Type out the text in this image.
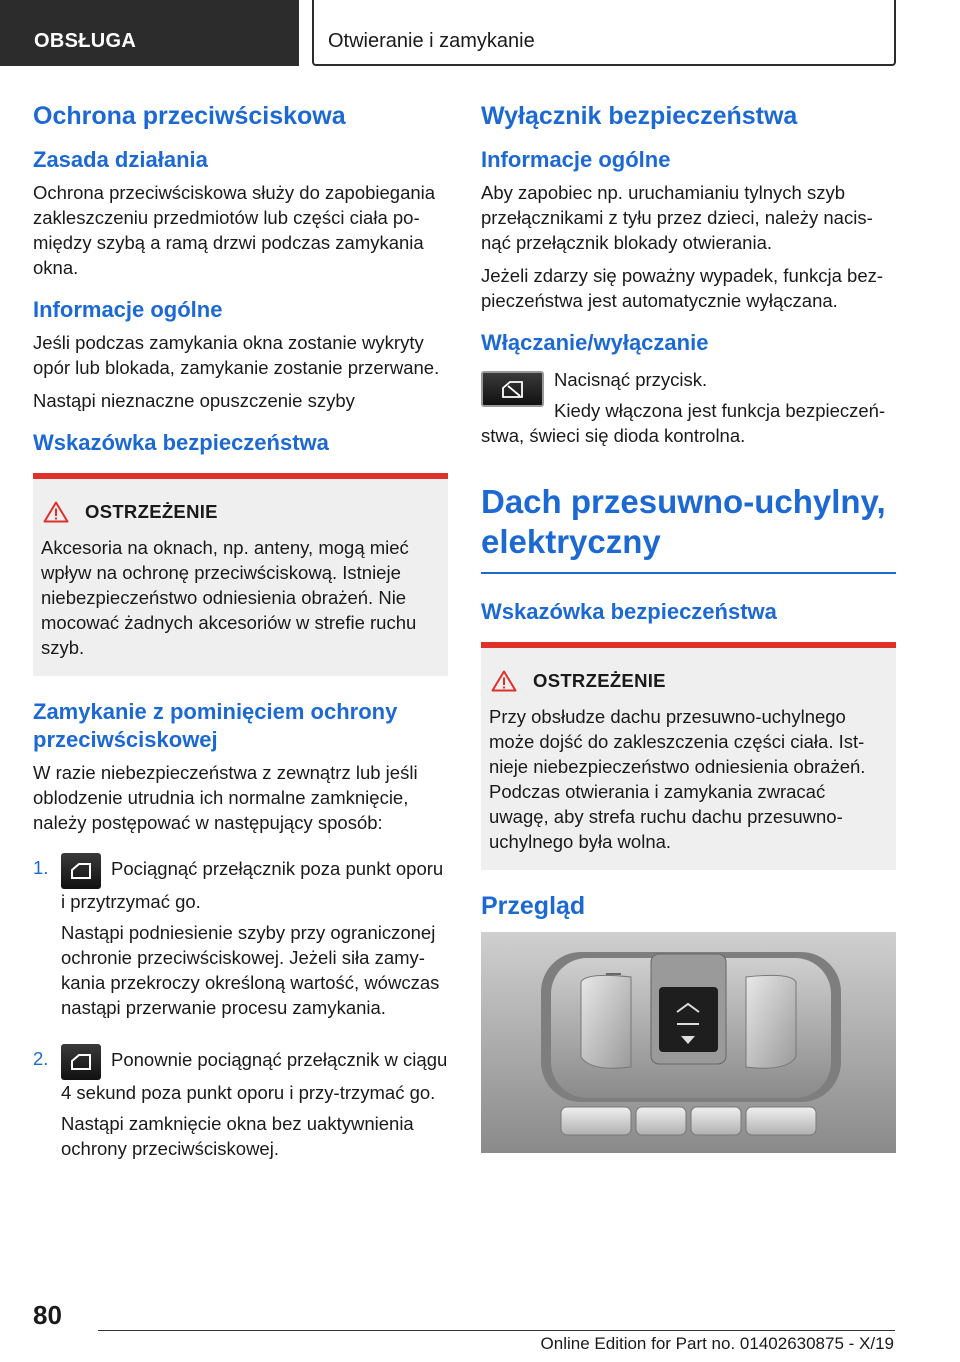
OBSŁUGA	Otwieranie i zamykanie
Ochrona przeciwściskowa
Zasada działania

Ochrona przeciwściskowa służy do zapobiegania zakleszczeniu przedmiotów lub części ciała po-między szybą a ramą drzwi podczas zamykania okna.

Informacje ogólne

Jeśli podczas zamykania okna zostanie wykryty opór lub blokada, zamykanie zostanie przerwane.

Nastąpi nieznaczne opuszczenie szyby

Wskazówka bezpieczeństwa
OSTRZEŻENIE

Akcesoria na oknach, np. anteny, mogą mieć wpływ na ochronę przeciwściskową. Istnieje niebezpieczeństwo odniesienia obrażeń. Nie mocować żadnych akcesoriów w strefie ruchu szyb.

Zamykanie z pominięciem ochrony przeciwściskowej

W razie niebezpieczeństwa z zewnątrz lub jeśli oblodzenie utrudnia ich normalne zamknięcie, należy postępować w następujący sposób:

1.	Pociągnąć przełącznik poza punkt oporu i przytrzymać go.

Nastąpi podniesienie szyby przy ograniczonej ochronie przeciwściskowej. Jeżeli siła zamy-kania przekroczy określoną wartość, wówczas nastąpi przerwanie procesu zamykania.

2.	Ponownie pociągnąć przełącznik w ciągu 4 sekund poza punkt oporu i przy-trzymać go.

Nastąpi zamknięcie okna bez uaktywnienia ochrony przeciwściskowej.

Wyłącznik bezpieczeństwa
Informacje ogólne

Aby zapobiec np. uruchamianiu tylnych szyb przełącznikami z tyłu przez dzieci, należy nacis-nąć przełącznik blokady otwierania.

Jeżeli zdarzy się poważny wypadek, funkcja bez-pieczeństwa jest automatycznie wyłączana.

Włączanie/wyłączanie

Nacisnąć przycisk.

Kiedy włączona jest funkcja bezpieczeń-

stwa, świeci się dioda kontrolna.

Dach przesuwno-uchylny, elektryczny
Wskazówka bezpieczeństwa
OSTRZEŻENIE

Przy obsłudze dachu przesuwno-uchylnego może dojść do zakleszczenia części ciała. Ist-nieje niebezpieczeństwo odniesienia obrażeń. Podczas otwierania i zamykania zwracać uwagę, aby strefa ruchu dachu przesuwno-uchylnego była wolna.

Przegląd
80
Online Edition for Part no. 01402630875 - X/19
